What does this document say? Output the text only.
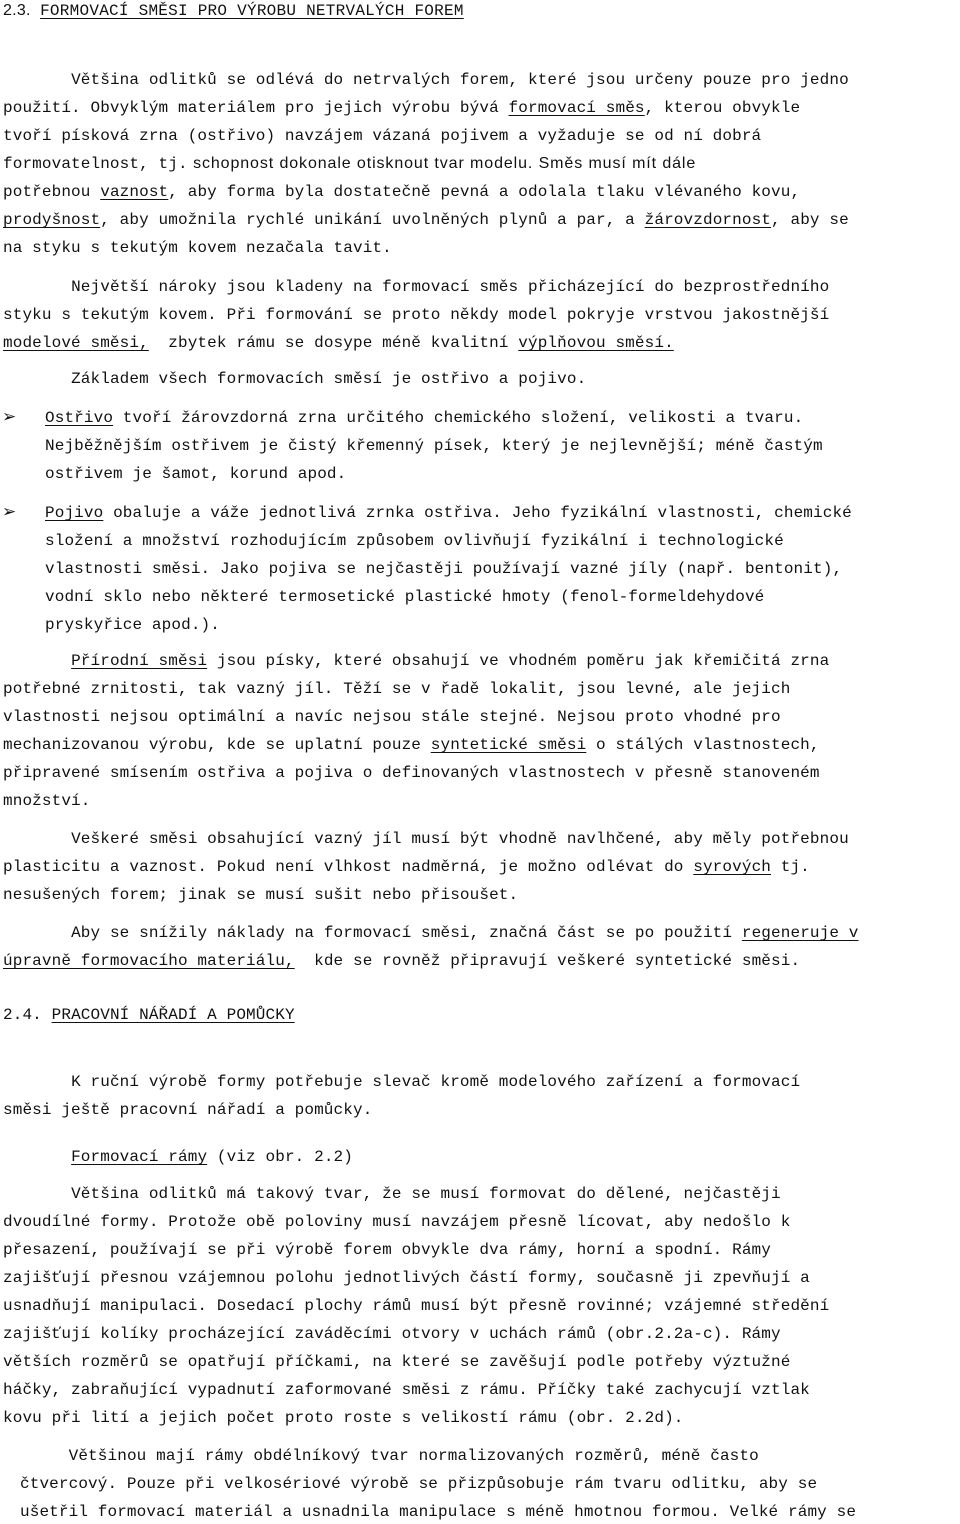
2.3. FORMOVACÍ SMĚSI PRO VÝROBU NETRVALÝCH FOREM
Většina odlitků se odlévá do netrvalých forem, které jsou určeny pouze pro jedno
použití. Obvyklým materiálem pro jejich výrobu bývá formovací směs, kterou obvykle
tvoří písková zrna (ostřivo) navzájem vázaná pojivem a vyžaduje se od ní dobrá
formovatelnost, tj. schopnost dokonale otisknout tvar modelu. Směs musí mít dále
potřebnou vaznost, aby forma byla dostatečně pevná a odolala tlaku vlévaného kovu,
prodyšnost, aby umožnila rychlé unikání uvolněných plynů a par, a žárovzdornost, aby se
na styku s tekutým kovem nezačala tavit.
Největší nároky jsou kladeny na formovací směs přicházející do bezprostředního
styku s tekutým kovem. Při formování se proto někdy model pokryje vrstvou jakostnější
modelové směsi,  zbytek rámu se dosype méně kvalitní výplňovou směsí.
Základem všech formovacích směsí je ostřivo a pojivo.
➢ Ostřivo tvoří žárovzdorná zrna určitého chemického složení, velikosti a tvaru.
Nejběžnějším ostřivem je čistý křemenný písek, který je nejlevnější; méně častým
ostřivem je šamot, korund apod.
➢ Pojivo obaluje a váže jednotlivá zrnka ostřiva. Jeho fyzikální vlastnosti, chemické
složení a množství rozhodujícím způsobem ovlivňují fyzikální i technologické
vlastnosti směsi. Jako pojiva se nejčastěji používají vazné jíly (např. bentonit),
vodní sklo nebo některé termosetické plastické hmoty (fenol-formeldehydové
pryskyřice apod.).
Přírodní směsi jsou písky, které obsahují ve vhodném poměru jak křemičitá zrna
potřebné zrnitosti, tak vazný jíl. Těží se v řadě lokalit, jsou levné, ale jejich
vlastnosti nejsou optimální a navíc nejsou stále stejné. Nejsou proto vhodné pro
mechanizovanou výrobu, kde se uplatní pouze syntetické směsi o stálých vlastnostech,
připravené smísením ostřiva a pojiva o definovaných vlastnostech v přesně stanoveném
množství.
Veškeré směsi obsahující vazný jíl musí být vhodně navlhčené, aby měly potřebnou
plasticitu a vaznost. Pokud není vlhkost nadměrná, je možno odlévat do syrových tj.
nesušených forem; jinak se musí sušit nebo přisoušet.
Aby se snížily náklady na formovací směsi, značná část se po použití regeneruje v
úpravně formovacího materiálu,  kde se rovněž připravují veškeré syntetické směsi.
2.4. PRACOVNÍ NÁŘADÍ A POMŮCKY
K ruční výrobě formy potřebuje slevač kromě modelového zařízení a formovací
směsi ještě pracovní nářadí a pomůcky.
Formovací rámy (viz obr. 2.2)
Většina odlitků má takový tvar, že se musí formovat do dělené, nejčastěji
dvoudílné formy. Protože obě poloviny musí navzájem přesně lícovat, aby nedošlo k
přesazení, používají se při výrobě forem obvykle dva rámy, horní a spodní. Rámy
zajišťují přesnou vzájemnou polohu jednotlivých částí formy, současně ji zpevňují a
usnadňují manipulaci. Dosedací plochy rámů musí být přesně rovinné; vzájemné středění
zajišťují kolíky procházející zaváděcími otvory v uchách rámů (obr.2.2a-c). Rámy
větších rozměrů se opatřují příčkami, na které se zavěšují podle potřeby výztužné
háčky, zabraňující vypadnutí zaformované směsi z rámu. Příčky také zachycují vztlak
kovu při lití a jejich počet proto roste s velikostí rámu (obr. 2.2d).
Většinou mají rámy obdélníkový tvar normalizovaných rozměrů, méně často
čtvercový. Pouze při velkosériové výrobě se přizpůsobuje rám tvaru odlitku, aby se
ušetřil formovací materiál a usnadnila manipulace s méně hmotnou formou. Velké rámy se
